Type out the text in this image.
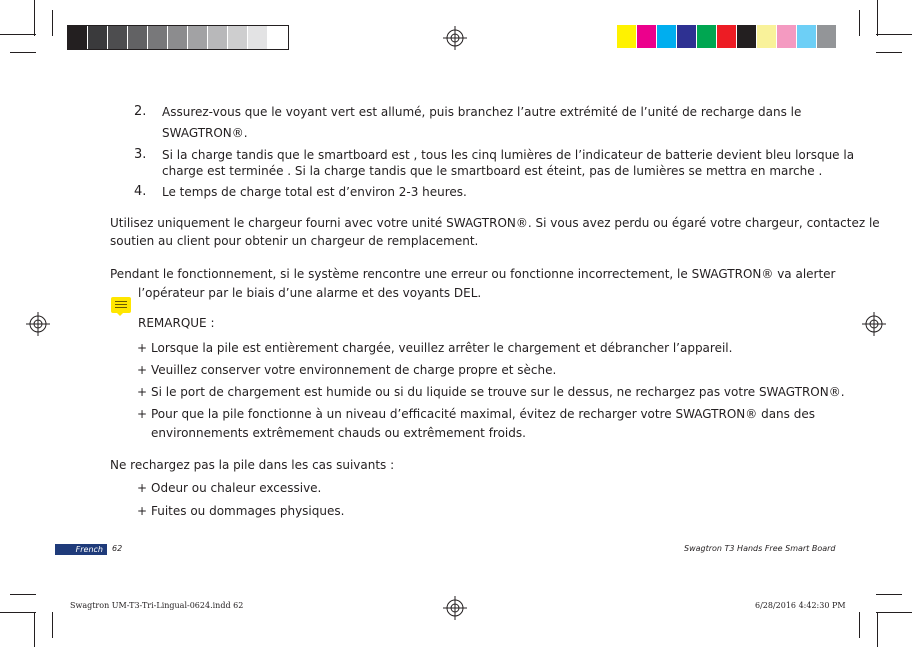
2. Assurez-vous que le voyant vert est allumé, puis branchez l’autre extrémité de l’unité de recharge dans le
SWAGTRON®.
3. Si la charge tandis que le smartboard est , tous les cinq lumières de l’indicateur de batterie devient bleu lorsque la
charge est terminée . Si la charge tandis que le smartboard est éteint, pas de lumières se mettra en marche .
4. Le temps de charge total est d’environ 2-3 heures.
Utilisez uniquement le chargeur fourni avec votre unité SWAGTRON®. Si vous avez perdu ou égaré votre chargeur, contactez le
soutien au client pour obtenir un chargeur de remplacement.
Pendant le fonctionnement, si le système rencontre une erreur ou fonctionne incorrectement, le SWAGTRON® va alerter
l’opérateur par le biais d’une alarme et des voyants DEL.
REMARQUE :
+ Lorsque la pile est entièrement chargée, veuillez arrêter le chargement et débrancher l’appareil.
+ Veuillez conserver votre environnement de charge propre et sèche.
+ Si le port de chargement est humide ou si du liquide se trouve sur le dessus, ne rechargez pas votre SWAGTRON®.
+ Pour que la pile fonctionne à un niveau d’efficacité maximal, évitez de recharger votre SWAGTRON® dans des
environnements extrêmement chauds ou extrêmement froids.
Ne rechargez pas la pile dans les cas suivants :
+ Odeur ou chaleur excessive.
+ Fuites ou dommages physiques.
French	62	Swagtron T3 Hands Free Smart Board
Swagtron UM-T3-Tri-Lingual-0624.indd 62	6/28/2016 4:42:30 PM
